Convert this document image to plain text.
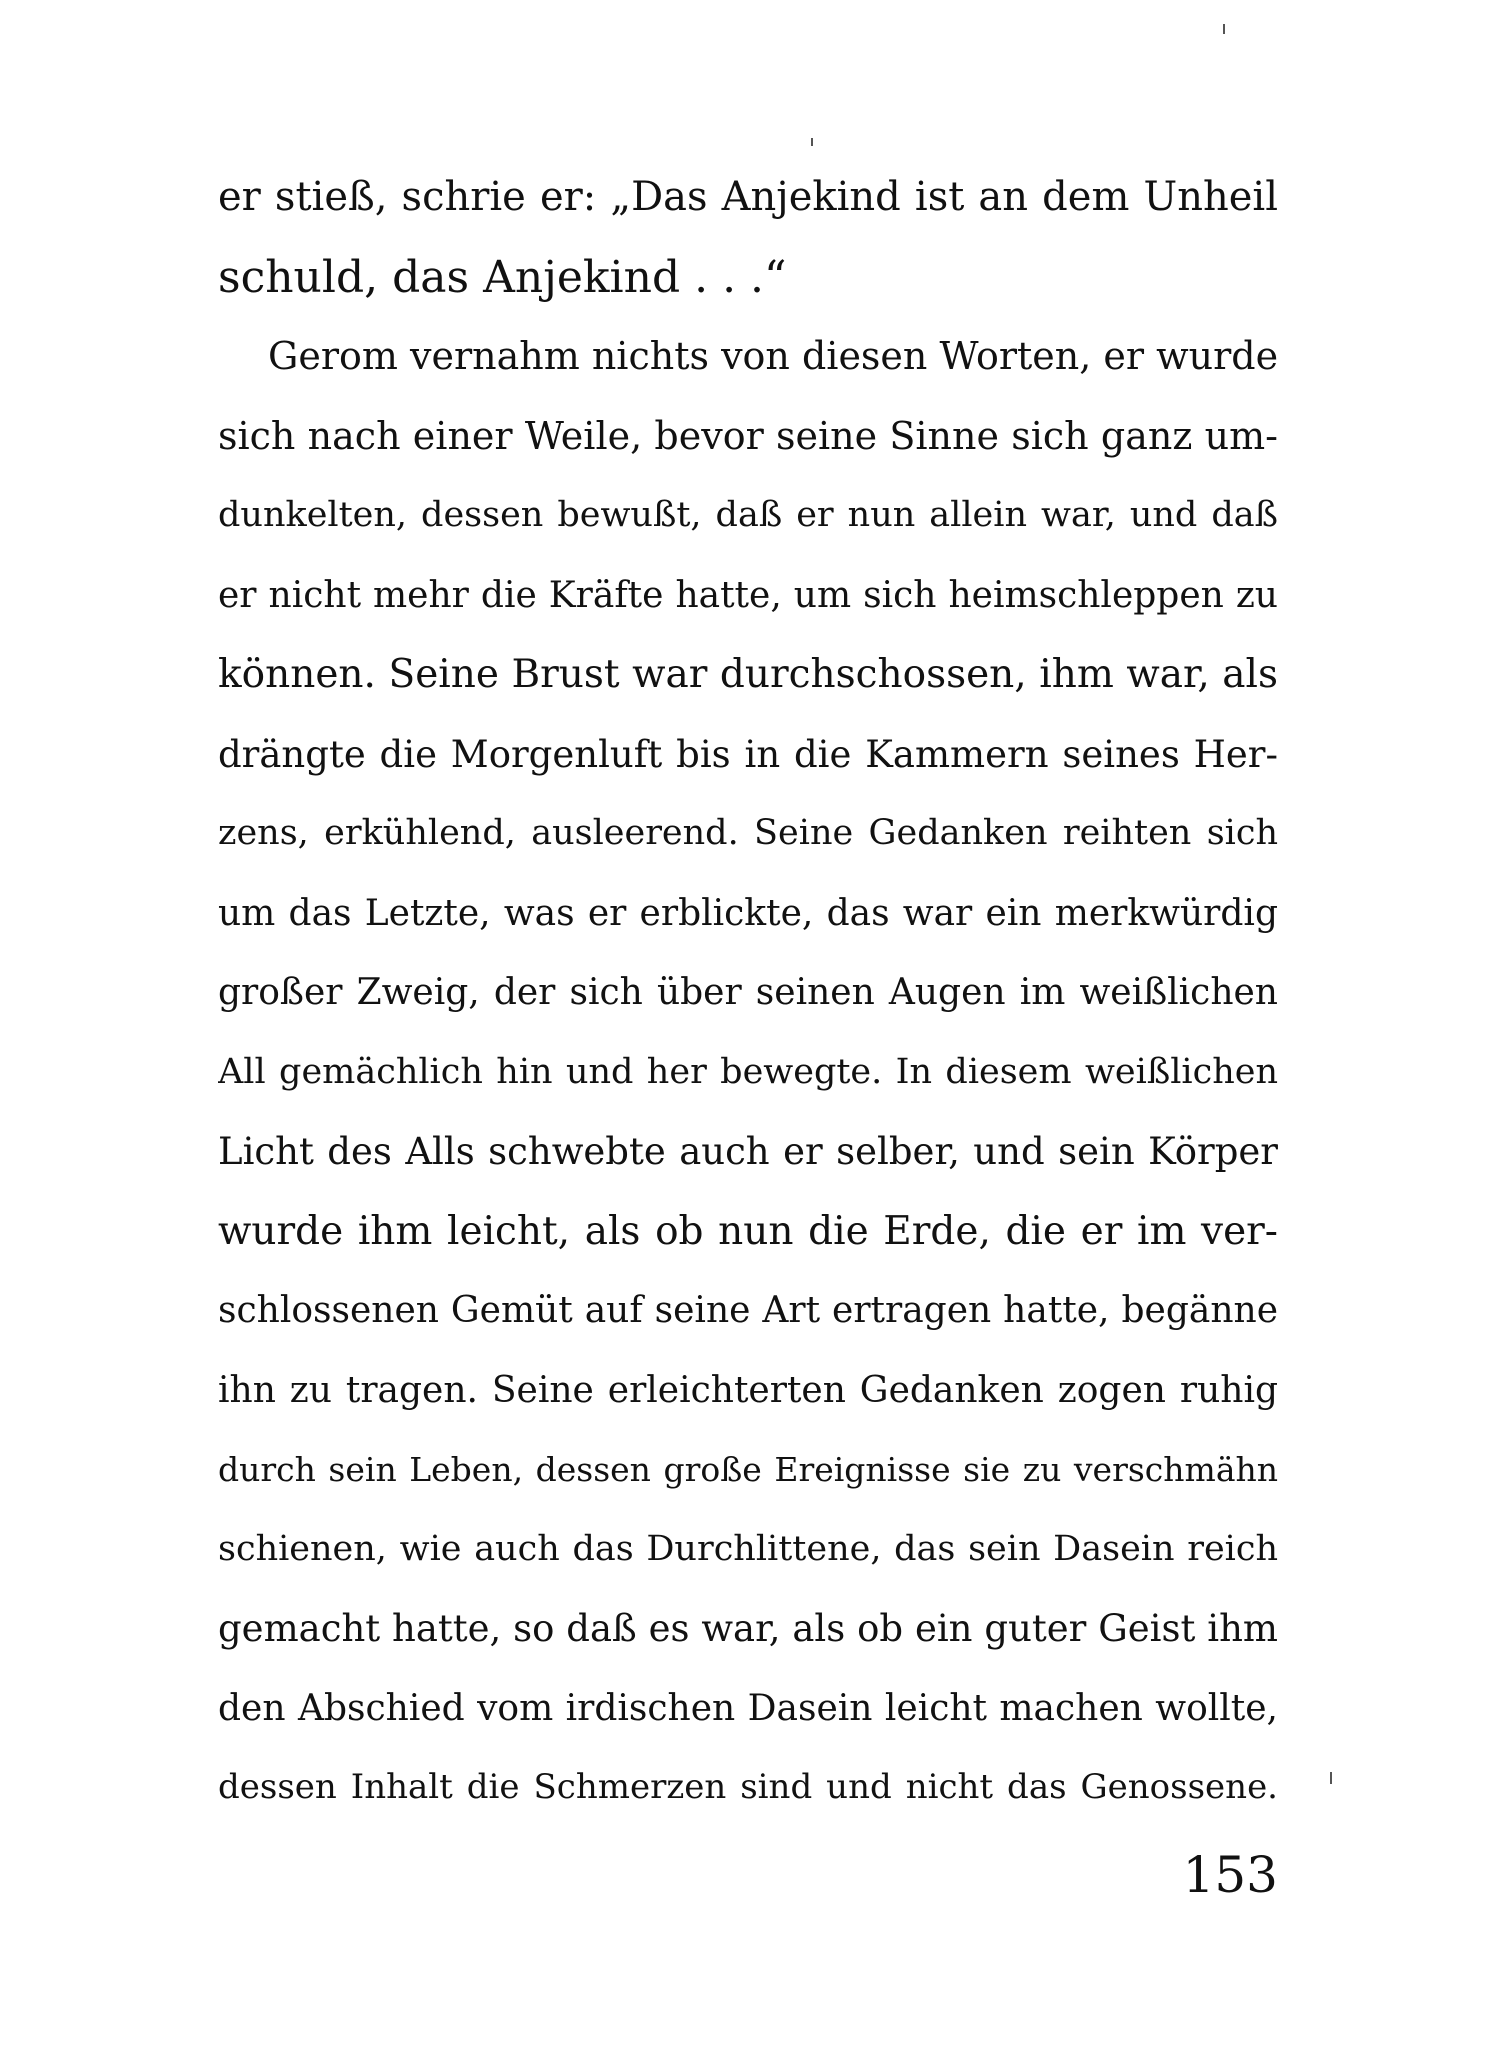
er stieß, schrie er: „Das Anjekind ist an dem Unheil
schuld, das Anjekind . . .“
Gerom vernahm nichts von diesen Worten, er wurde
sich nach einer Weile, bevor seine Sinne sich ganz um-
dunkelten, dessen bewußt, daß er nun allein war, und daß
er nicht mehr die Kräfte hatte, um sich heimschleppen zu
können. Seine Brust war durchschossen, ihm war, als
drängte die Morgenluft bis in die Kammern seines Her-
zens, erkühlend, ausleerend. Seine Gedanken reihten sich
um das Letzte, was er erblickte, das war ein merkwürdig
großer Zweig, der sich über seinen Augen im weißlichen
All gemächlich hin und her bewegte. In diesem weißlichen
Licht des Alls schwebte auch er selber, und sein Körper
wurde ihm leicht, als ob nun die Erde, die er im ver-
schlossenen Gemüt auf seine Art ertragen hatte, begänne
ihn zu tragen. Seine erleichterten Gedanken zogen ruhig
durch sein Leben, dessen große Ereignisse sie zu verschmähn
schienen, wie auch das Durchlittene, das sein Dasein reich
gemacht hatte, so daß es war, als ob ein guter Geist ihm
den Abschied vom irdischen Dasein leicht machen wollte,
dessen Inhalt die Schmerzen sind und nicht das Genossene.
153
